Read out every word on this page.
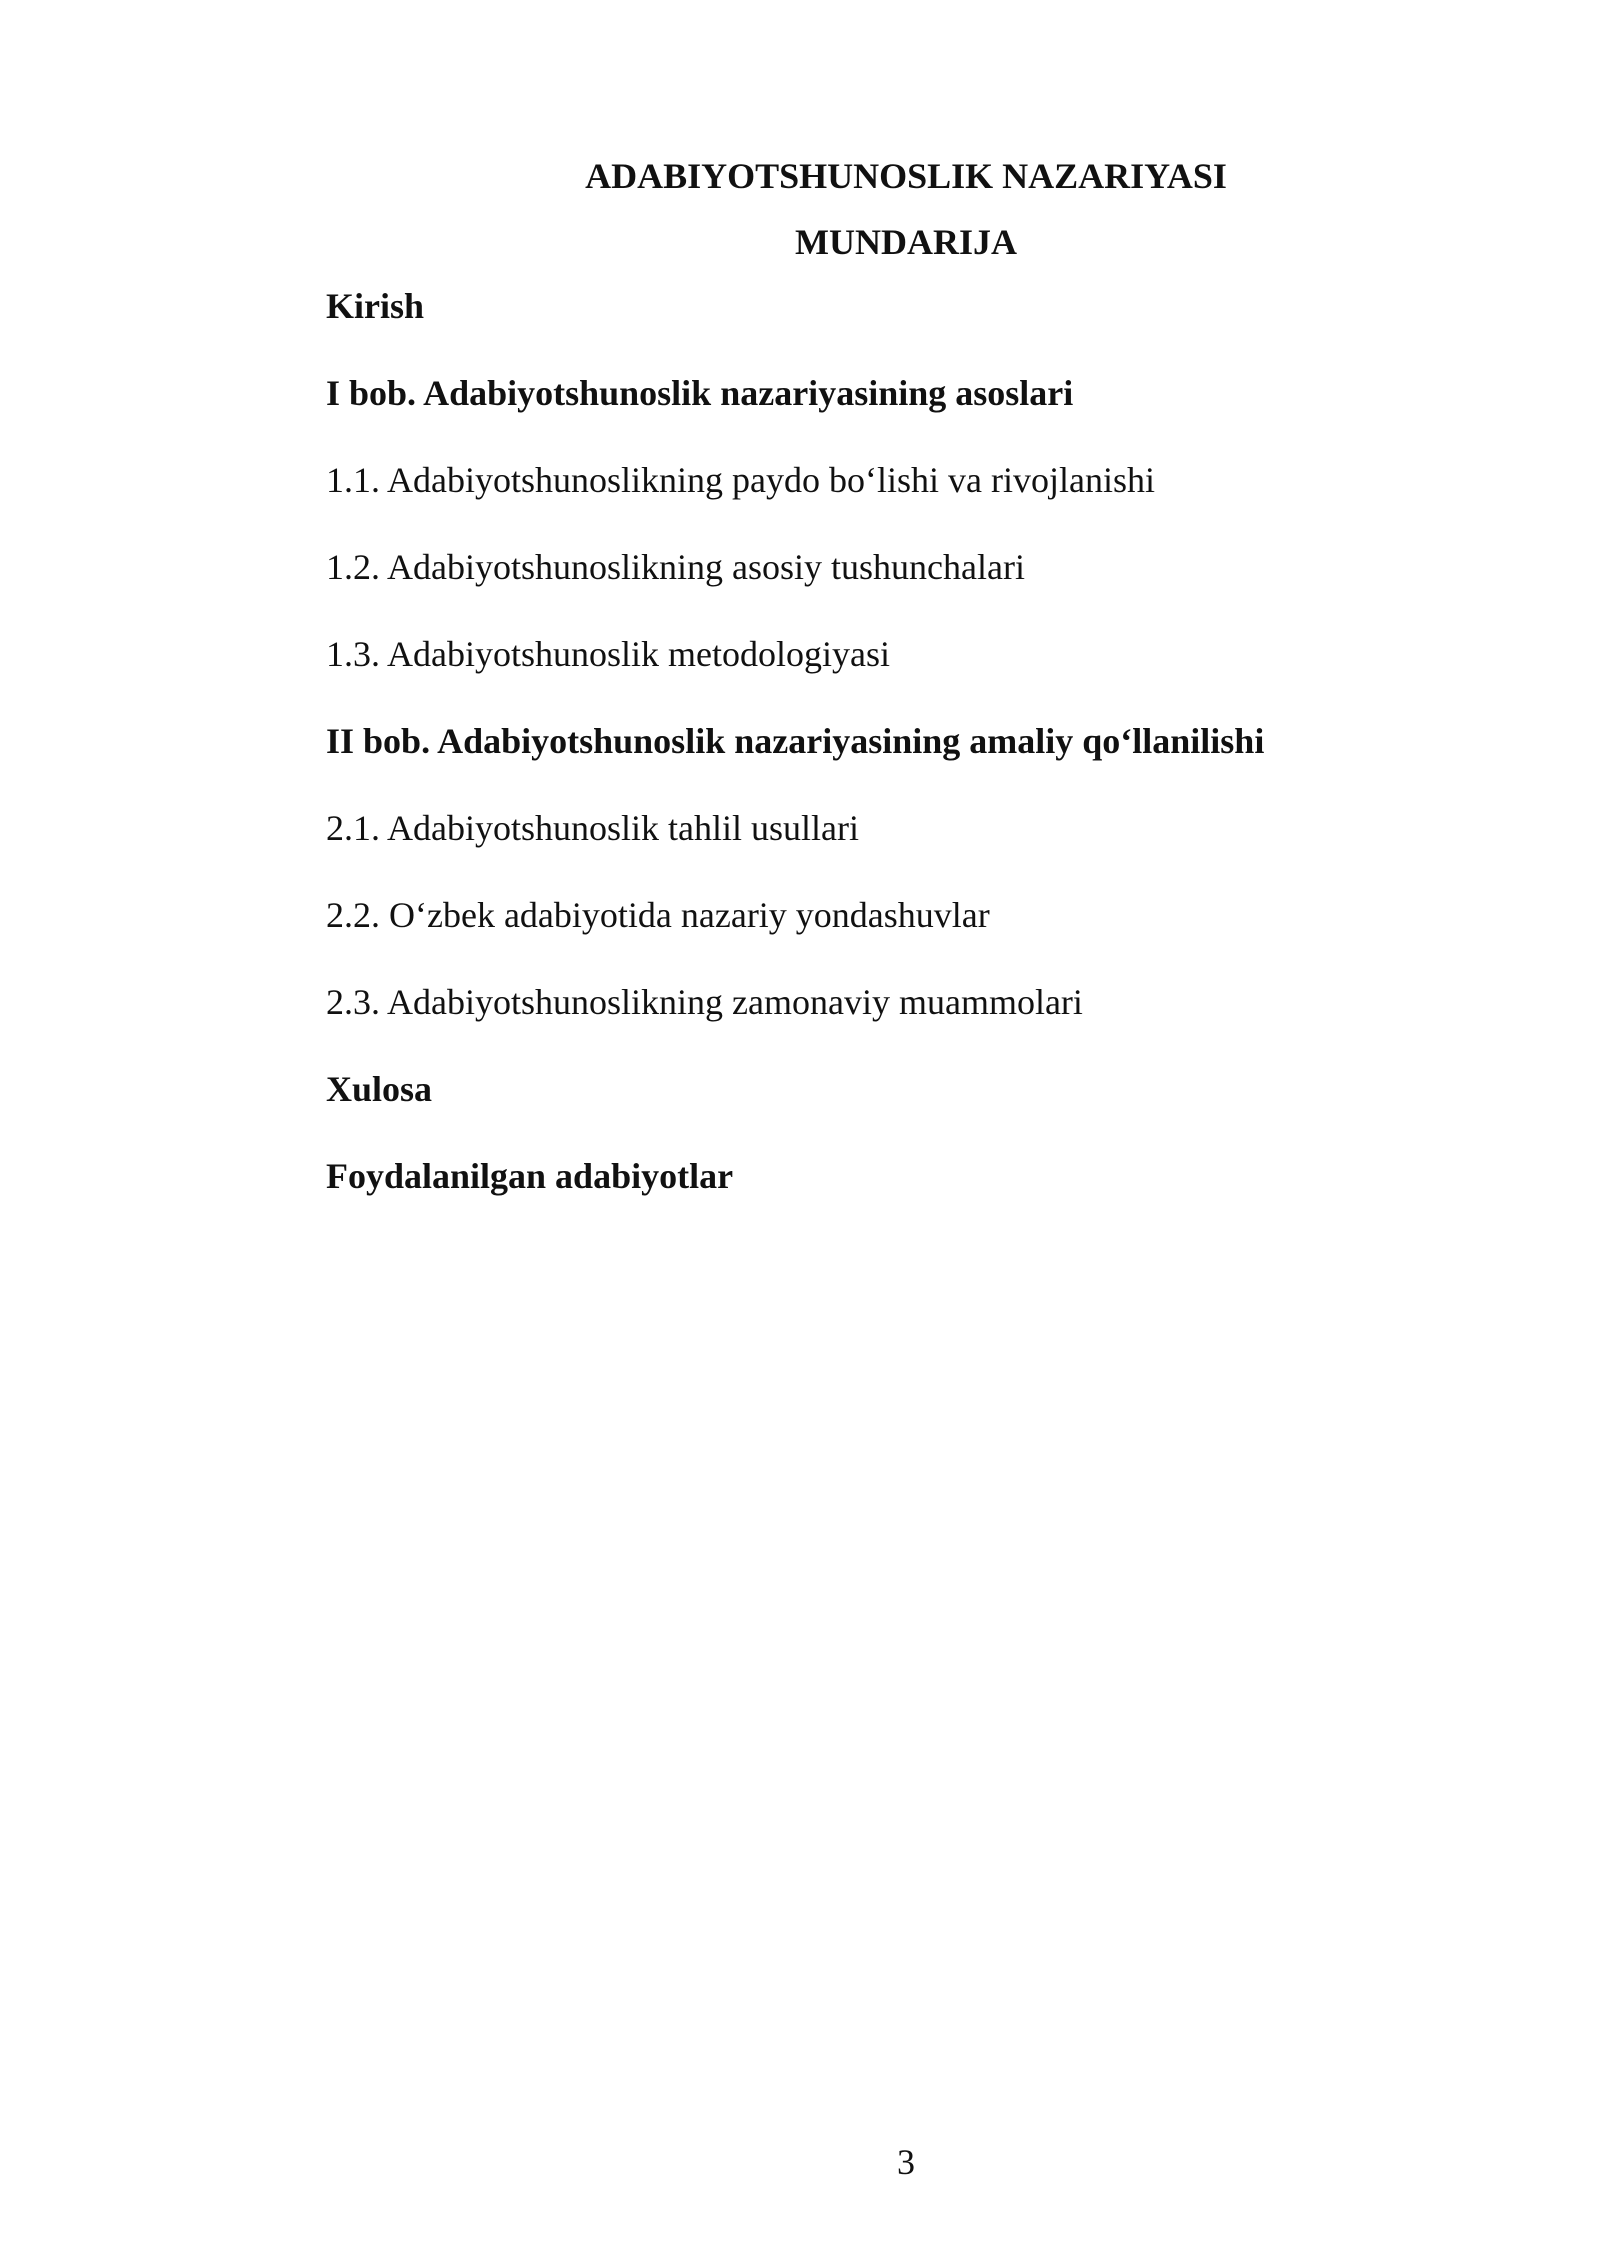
ADABIYOTSHUNOSLIK NAZARIYASI
MUNDARIJA
Kirish
I bob. Adabiyotshunoslik nazariyasining asoslari
1.1. Adabiyotshunoslikning paydo bo‘lishi va rivojlanishi
1.2. Adabiyotshunoslikning asosiy tushunchalari
1.3. Adabiyotshunoslik metodologiyasi
II bob. Adabiyotshunoslik nazariyasining amaliy qo‘llanilishi
2.1. Adabiyotshunoslik tahlil usullari
2.2. O‘zbek adabiyotida nazariy yondashuvlar
2.3. Adabiyotshunoslikning zamonaviy muammolari
Xulosa
Foydalanilgan adabiyotlar
3
